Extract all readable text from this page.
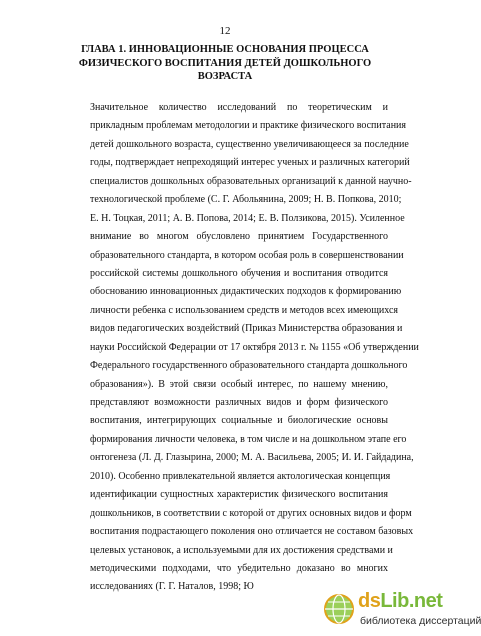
12
ГЛАВА 1. ИННОВАЦИОННЫЕ ОСНОВАНИЯ ПРОЦЕССА
ФИЗИЧЕСКОГО ВОСПИТАНИЯ ДЕТЕЙ ДОШКОЛЬНОГО
ВОЗРАСТА
Значительное количество исследований по теоретическим и
прикладным проблемам методологии и практике физического воспитания
детей дошкольного возраста, существенно увеличивающееся за последние
годы, подтверждает непреходящий интерес ученых и различных категорий
специалистов дошкольных образовательных организаций к данной научно-
технологической проблеме (С. Г. Абольянина, 2009; Н. В. Попкова, 2010;
Е. Н. Тоцкая, 2011; А. В. Попова, 2014; Е. В. Ползикова, 2015). Усиленное
внимание во многом обусловлено принятием Государственного
образовательного стандарта, в котором особая роль в совершенствовании
российской системы дошкольного обучения и воспитания отводится
обоснованию инновационных дидактических подходов к формированию
личности ребенка с использованием средств и методов всех имеющихся
видов педагогических воздействий (Приказ Министерства образования и
науки Российской Федерации от 17 октября 2013 г. № 1155 «Об утверждении
Федерального государственного образовательного стандарта дошкольного
образования»). В этой связи особый интерес, по нашему мнению,
представляют возможности различных видов и форм физического
воспитания, интегрирующих социальные и биологические основы
формирования личности человека, в том числе и на дошкольном этапе его
онтогенеза (Л. Д. Глазырина, 2000; М. А. Васильева, 2005; И. И. Гайдадина,
2010). Особенно привлекательной является актологическая концепция
идентификации сущностных характеристик физического воспитания
дошкольников, в соответствии с которой от других основных видов и форм
воспитания подрастающего поколения оно отличается не составом базовых
целевых установок, а используемыми для их достижения средствами и
методическими подходами, что убедительно доказано во многих
исследованиях (Г. Г. Наталов, 1998; Ю
dsLib.net
библиотека диссертаций
